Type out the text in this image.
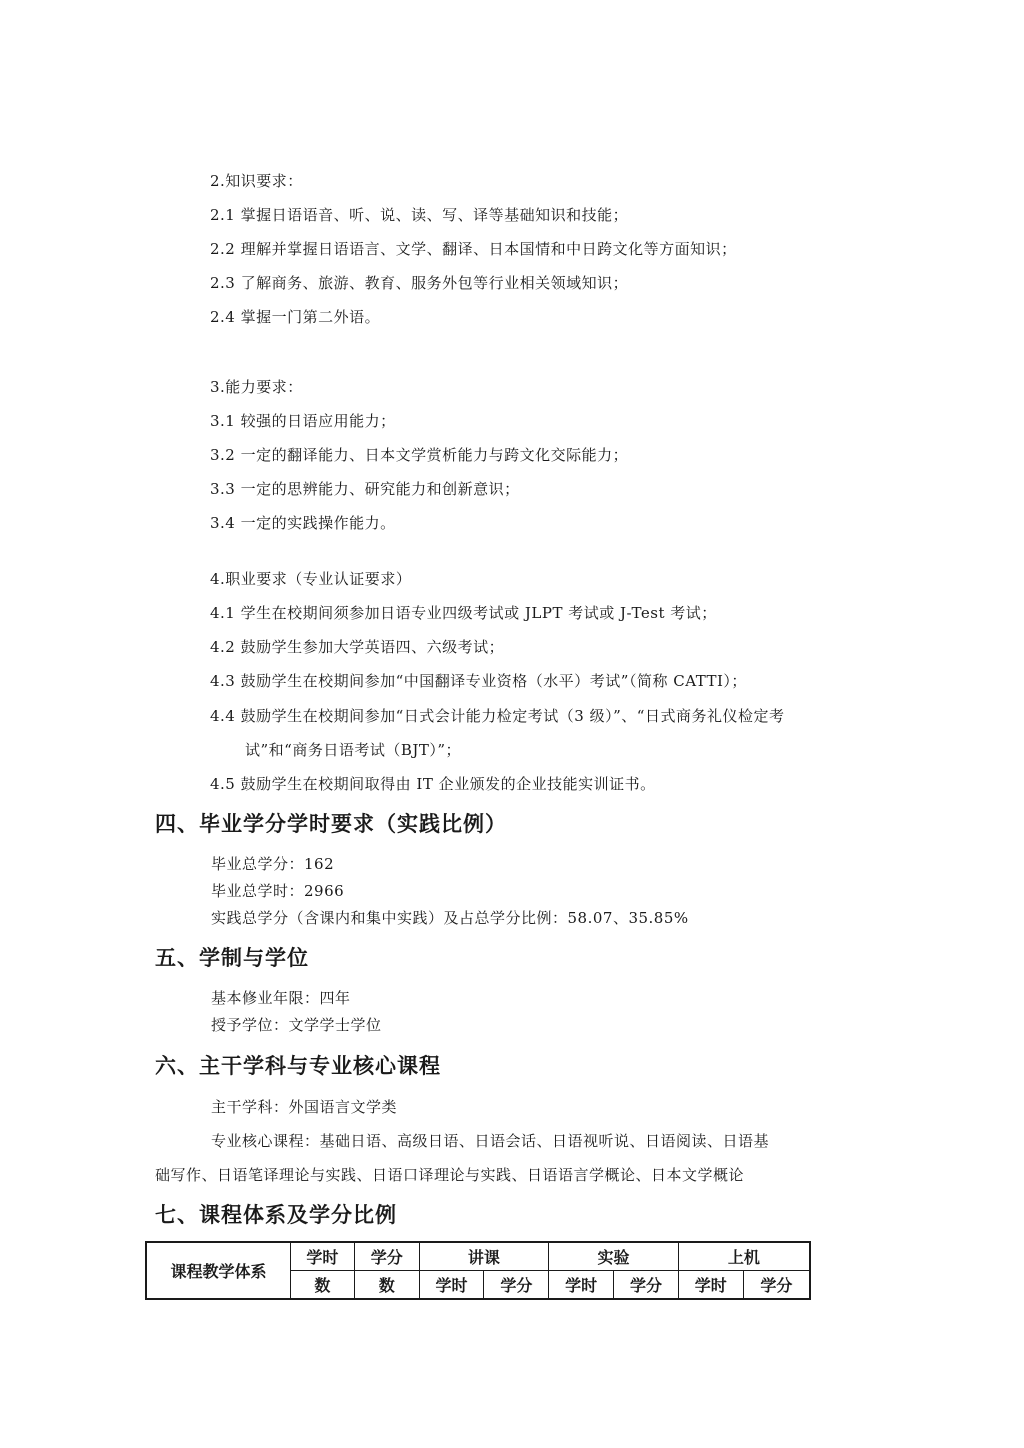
2.知识要求：
2.1 掌握日语语音、听、说、读、写、译等基础知识和技能；
2.2 理解并掌握日语语言、文学、翻译、日本国情和中日跨文化等方面知识；
2.3 了解商务、旅游、教育、服务外包等行业相关领域知识；
2.4 掌握一门第二外语。
3.能力要求：
3.1 较强的日语应用能力；
3.2 一定的翻译能力、日本文学赏析能力与跨文化交际能力；
3.3 一定的思辨能力、研究能力和创新意识；
3.4 一定的实践操作能力。
4.职业要求（专业认证要求）
4.1 学生在校期间须参加日语专业四级考试或 JLPT 考试或 J-Test 考试；
4.2 鼓励学生参加大学英语四、六级考试；
4.3 鼓励学生在校期间参加“中国翻译专业资格（水平）考试”（简称 CATTI）；
4.4 鼓励学生在校期间参加“日式会计能力检定考试（3 级）”、“日式商务礼仪检定考
试”和“商务日语考试（BJT）”；
4.5 鼓励学生在校期间取得由 IT 企业颁发的企业技能实训证书。
四、毕业学分学时要求（实践比例）
毕业总学分：162
毕业总学时：2966
实践总学分（含课内和集中实践）及占总学分比例：58.07、35.85%
五、学制与学位
基本修业年限：四年
授予学位：文学学士学位
六、主干学科与专业核心课程
主干学科：外国语言文学类
专业核心课程：基础日语、高级日语、日语会话、日语视听说、日语阅读、日语基
础写作、日语笔译理论与实践、日语口译理论与实践、日语语言学概论、日本文学概论
七、课程体系及学分比例
课程教学体系	学时	学分	讲课		实验		上机	
	数	数	学时	学分	学时	学分	学时	学分
